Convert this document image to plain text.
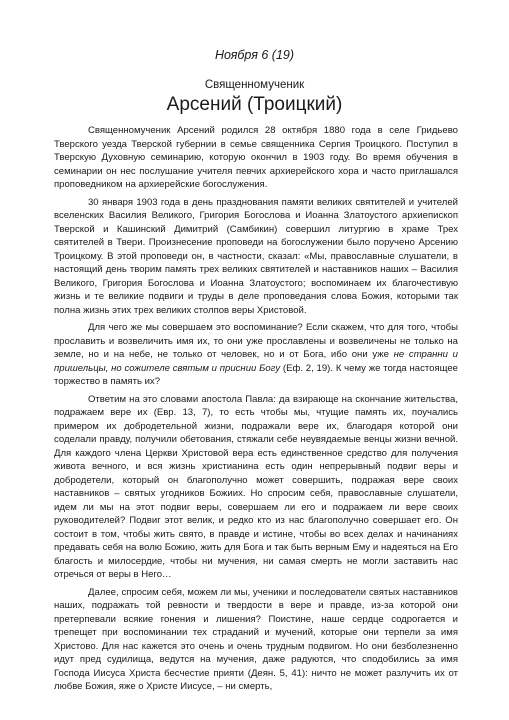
Ноября 6 (19)
Священномученик
Арсений (Троицкий)

Священномученик Арсений родился 28 октября 1880 года в селе Гридьево Тверского уезда Тверской губернии в семье священника Сергия Троицкого. Поступил в Тверскую Духовную семинарию, которую окончил в 1903 году. Во время обучения в семинарии он нес послушание учителя певчих архиерейского хора и часто приглашался проповедником на архиерейские богослужения.

30 января 1903 года в день празднования памяти великих святителей и учителей вселенских Василия Великого, Григория Богослова и Иоанна Златоустого архиепископ Тверской и Кашинский Димитрий (Самбикин) совершил литургию в храме Трех святителей в Твери. Произнесение проповеди на богослужении было поручено Арсению Троицкому. В этой проповеди он, в частности, сказал: «Мы, православные слушатели, в настоящий день творим память трех великих святителей и наставников наших – Василия Великого, Григория Богослова и Иоанна Златоустого; воспоминаем их благочестивую жизнь и те великие подвиги и труды в деле проповедания слова Божия, которыми так полна жизнь этих трех великих столпов веры Христовой.

Для чего же мы совершаем это воспоминание? Если скажем, что для того, чтобы прославить и возвеличить имя их, то они уже прославлены и возвеличены не только на земле, но и на небе, не только от человек, но и от Бога, ибо они уже не странни и пришельцы, но сожителе святым и приснии Богу (Еф. 2, 19). К чему же тогда настоящее торжество в память их?

Ответим на это словами апостола Павла: да взирающе на скончание жительства, подражаем вере их (Евр. 13, 7), то есть чтобы мы, чтущие память их, поучались примером их добродетельной жизни, подражали вере их, благодаря которой они соделали правду, получили обетования, стяжали себе неувядаемые венцы жизни вечной. Для каждого члена Церкви Христовой вера есть единственное средство для получения живота вечного, и вся жизнь христианина есть один непрерывный подвиг веры и добродетели, который он благополучно может совершить, подражая вере своих наставников – святых угодников Божиих. Но спросим себя, православные слушатели, идем ли мы на этот подвиг веры, совершаем ли его и подражаем ли вере своих руководителей? Подвиг этот велик, и редко кто из нас благополучно совершает его. Он состоит в том, чтобы жить свято, в правде и истине, чтобы во всех делах и начинаниях предавать себя на волю Божию, жить для Бога и так быть верным Ему и надеяться на Его благость и милосердие, чтобы ни мучения, ни самая смерть не могли заставить нас отречься от веры в Него…

Далее, спросим себя, можем ли мы, ученики и последователи святых наставников наших, подражать той ревности и твердости в вере и правде, из-за которой они претерпевали всякие гонения и лишения? Поистине, наше сердце содрогается и трепещет при воспоминании тех страданий и мучений, которые они терпели за имя Христово. Для нас кажется это очень и очень трудным подвигом. Но они безболезненно идут пред судилища, ведутся на мучения, даже радуются, что сподобились за имя Господа Иисуса Христа бесчестие прияти (Деян. 5, 41): ничто не может разлучить их от любве Божия, яже о Христе Иисусе, – ни смерть,
